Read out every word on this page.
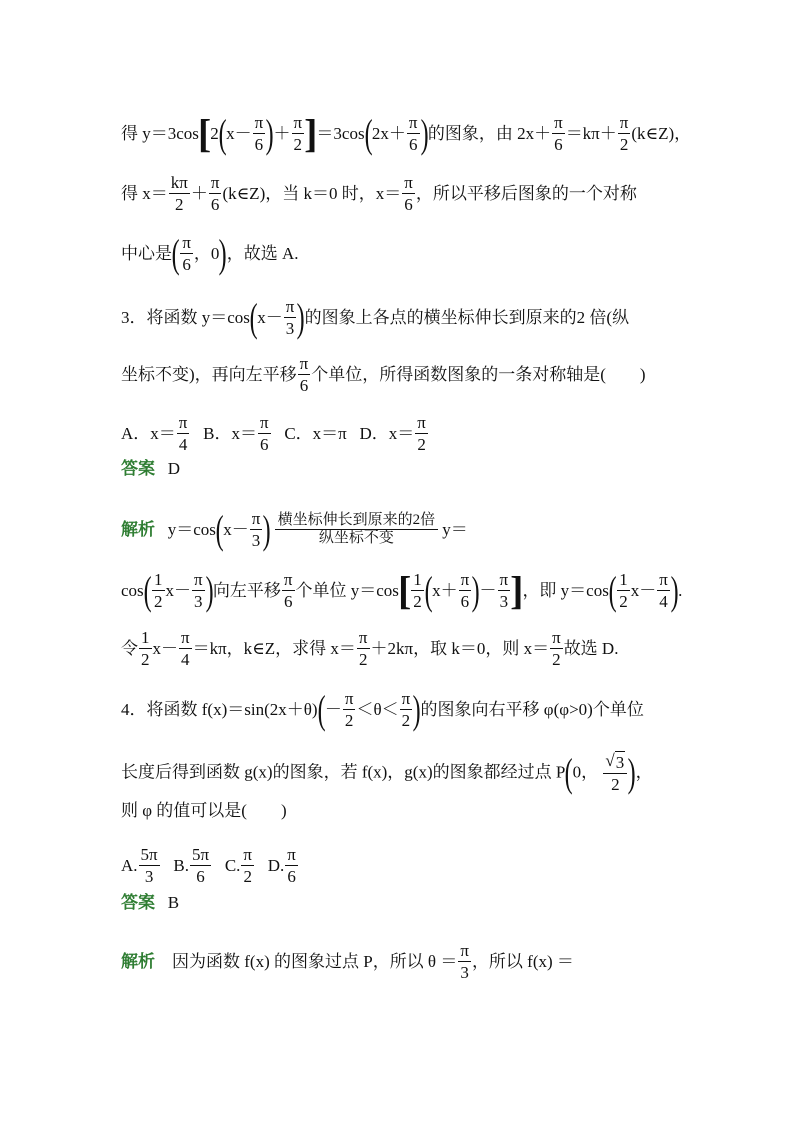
得 $y=3\cos[2(x- \frac{\pi}{6}$ )＋ $\frac{\pi}{2} ]=3\cos(2x+ \frac{\pi}{6}$ )的图象，由 $2x+ \frac{\pi}{6} =k\pi+ \frac{\pi}{2}$ (k∈Z)，
得 $x= \frac{k\pi}{2} + \frac{\pi}{6}$ (k∈Z)，当 k＝0 时，$x= \frac{\pi}{6}$ ，所以平移后图象的一个对称
中心是( $\frac{\pi}{6}$ ，0)，故选 A.
3．将函数 $y=\cos(x- \frac{\pi}{3}$ )的图象上各点的横坐标伸长到原来的2 倍(纵
坐标不变)，再向左平移 $\frac{\pi}{6}$ 个单位，所得函数图象的一条对称轴是(　　)
A．$x= \frac{\pi}{4}$ B．$x= \frac{\pi}{6}$ C．x＝π D．$x= \frac{\pi}{2}$
答案 D
解析 $y=\cos(x- \frac{\pi}{3}$ ) 横坐标伸长到原来的2倍
纵坐标不变	y＝
$\cos( \frac{1}{2} x- \frac{\pi}{3}$ )向左平移 $\frac{\pi}{6}$ 个单位 $y=\cos[ \frac{1}{2} (x+ \frac{\pi}{6}$ )－ $\frac{\pi}{3}$ ]，即 $y=\cos( \frac{1}{2} x- \frac{\pi}{4}$ ).
令 $\frac{1}{2} x- \frac{\pi}{4} =k\pi$，k∈Z，求得 $x= \frac{\pi}{2} +2k\pi$，取 k＝0，则 $x= \frac{\pi}{2}$ 故选 D.
4．将函数 $f(x)=\sin(2x+\theta)(- \frac{\pi}{2} <\theta< \frac{\pi}{2}$ )的图象向右平移 φ(φ>0)个单位
长度后得到函数 g(x)的图象，若 f(x)，g(x)的图象都经过点 P(0， $\frac{√3}{2}$ )，
则 φ 的值可以是(　　)
A. $\frac{5\pi}{3} B$. $\frac{5\pi}{6} C$. $\frac{\pi}{2} D$. $\frac{\pi}{6}$
答案 B
解析 因为函数 f(x) 的图象过点 P，所以 $\theta = \frac{\pi}{3}$ ，所以 f(x) ＝
